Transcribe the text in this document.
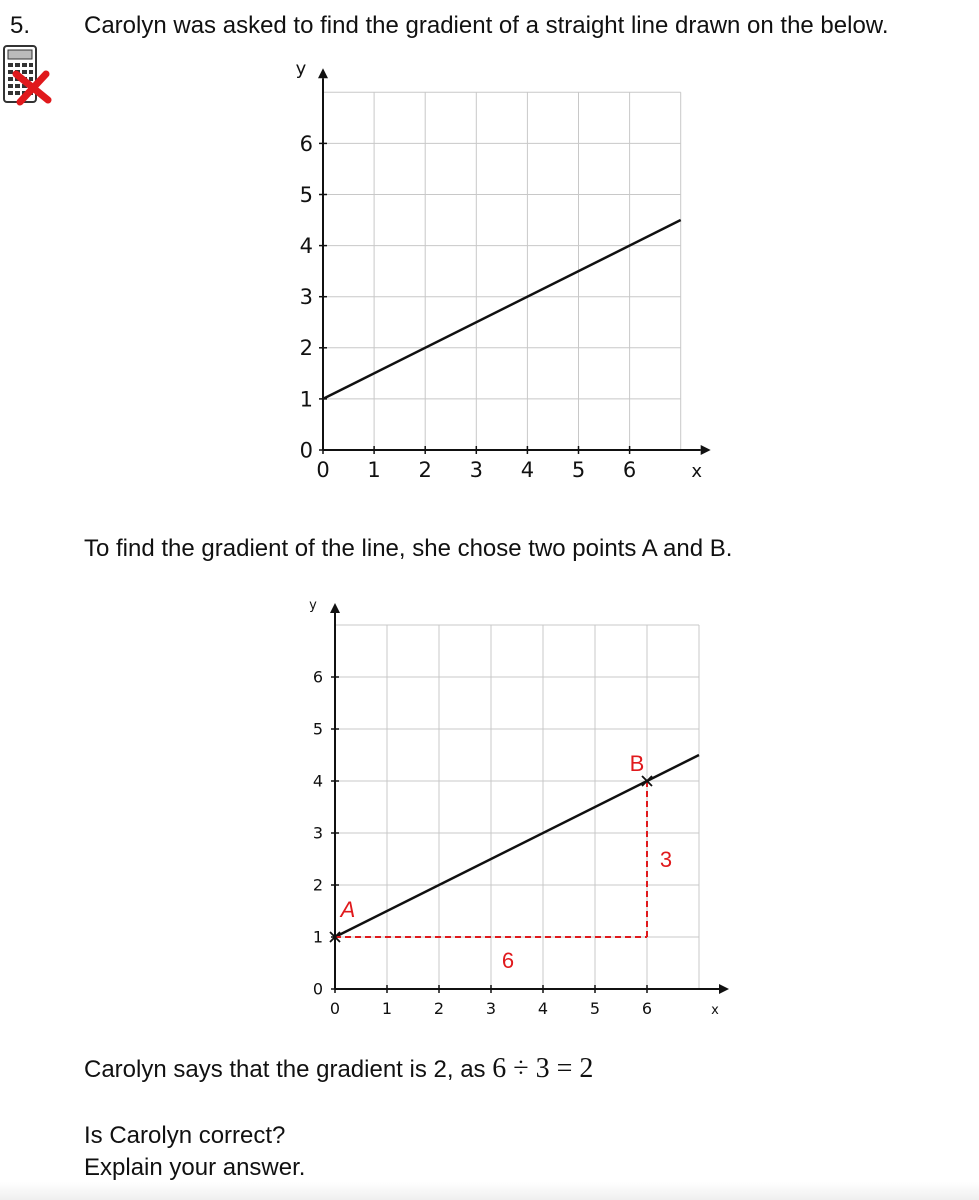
5. Carolyn was asked to find the gradient of a straight line drawn on the below.
0 1 2 3 4 5 6
0
1
2
3
4
5
6
x
y
To find the gradient of the line, she chose two points A and B.
0	1	2	3	4	5	6
0
1
2
3
4
5
6
x
y
A
B
6
3
Carolyn says that the gradient is 2, as 6 ÷ 3 = 2
Is Carolyn correct?
Explain your answer.
